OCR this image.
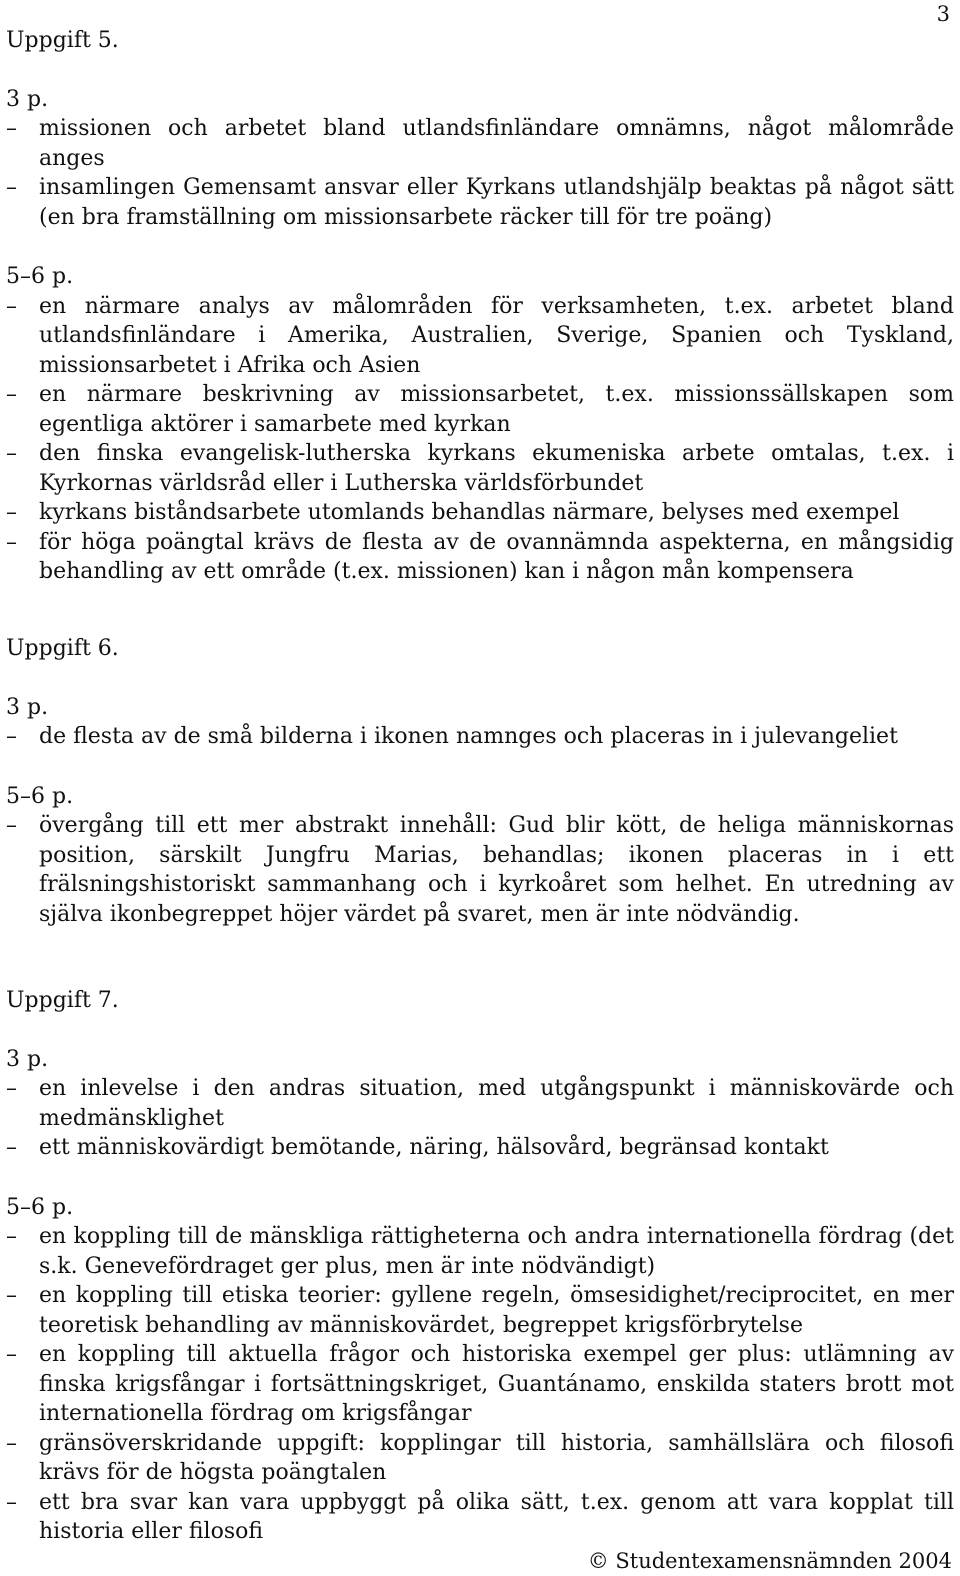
3
Uppgift 5.
3 p.
– missionen och arbetet bland utlandsfinländare omnämns, något målområde anges
– insamlingen Gemensamt ansvar eller Kyrkans utlandshjälp beaktas på något sätt (en bra framställning om missionsarbete räcker till för tre poäng)
5–6 p.
– en närmare analys av målområden för verksamheten, t.ex. arbetet bland utlandsfinländare i Amerika, Australien, Sverige, Spanien och Tyskland, missionsarbetet i Afrika och Asien
– en närmare beskrivning av missionsarbetet, t.ex. missionssällskapen som egentliga aktörer i samarbete med kyrkan
– den finska evangelisk-lutherska kyrkans ekumeniska arbete omtalas, t.ex. i Kyrkornas världsråd eller i Lutherska världsförbundet
– kyrkans biståndsarbete utomlands behandlas närmare, belyses med exempel
– för höga poängtal krävs de flesta av de ovannämnda aspekterna, en mångsidig behandling av ett område (t.ex. missionen) kan i någon mån kompensera
Uppgift 6.
3 p.
– de flesta av de små bilderna i ikonen namnges och placeras in i julevangeliet
5–6 p.
– övergång till ett mer abstrakt innehåll: Gud blir kött, de heliga människornas position, särskilt Jungfru Marias, behandlas; ikonen placeras in i ett frälsningshistoriskt sammanhang och i kyrkoåret som helhet. En utredning av själva ikonbegreppet höjer värdet på svaret, men är inte nödvändig.
Uppgift 7.
3 p.
– en inlevelse i den andras situation, med utgångspunkt i människovärde och medmänsklighet
– ett människovärdigt bemötande, näring, hälsovård, begränsad kontakt
5–6 p.
– en koppling till de mänskliga rättigheterna och andra internationella fördrag (det s.k. Genevefördraget ger plus, men är inte nödvändigt)
– en koppling till etiska teorier: gyllene regeln, ömsesidighet/reciprocitet, en mer teoretisk behandling av människovärdet, begreppet krigsförbrytelse
– en koppling till aktuella frågor och historiska exempel ger plus: utlämning av finska krigsfångar i fortsättningskriget, Guantánamo, enskilda staters brott mot internationella fördrag om krigsfångar
– gränsöverskridande uppgift: kopplingar till historia, samhällslära och filosofi krävs för de högsta poängtalen
– ett bra svar kan vara uppbyggt på olika sätt, t.ex. genom att vara kopplat till historia eller filosofi
© Studentexamensnämnden 2004
